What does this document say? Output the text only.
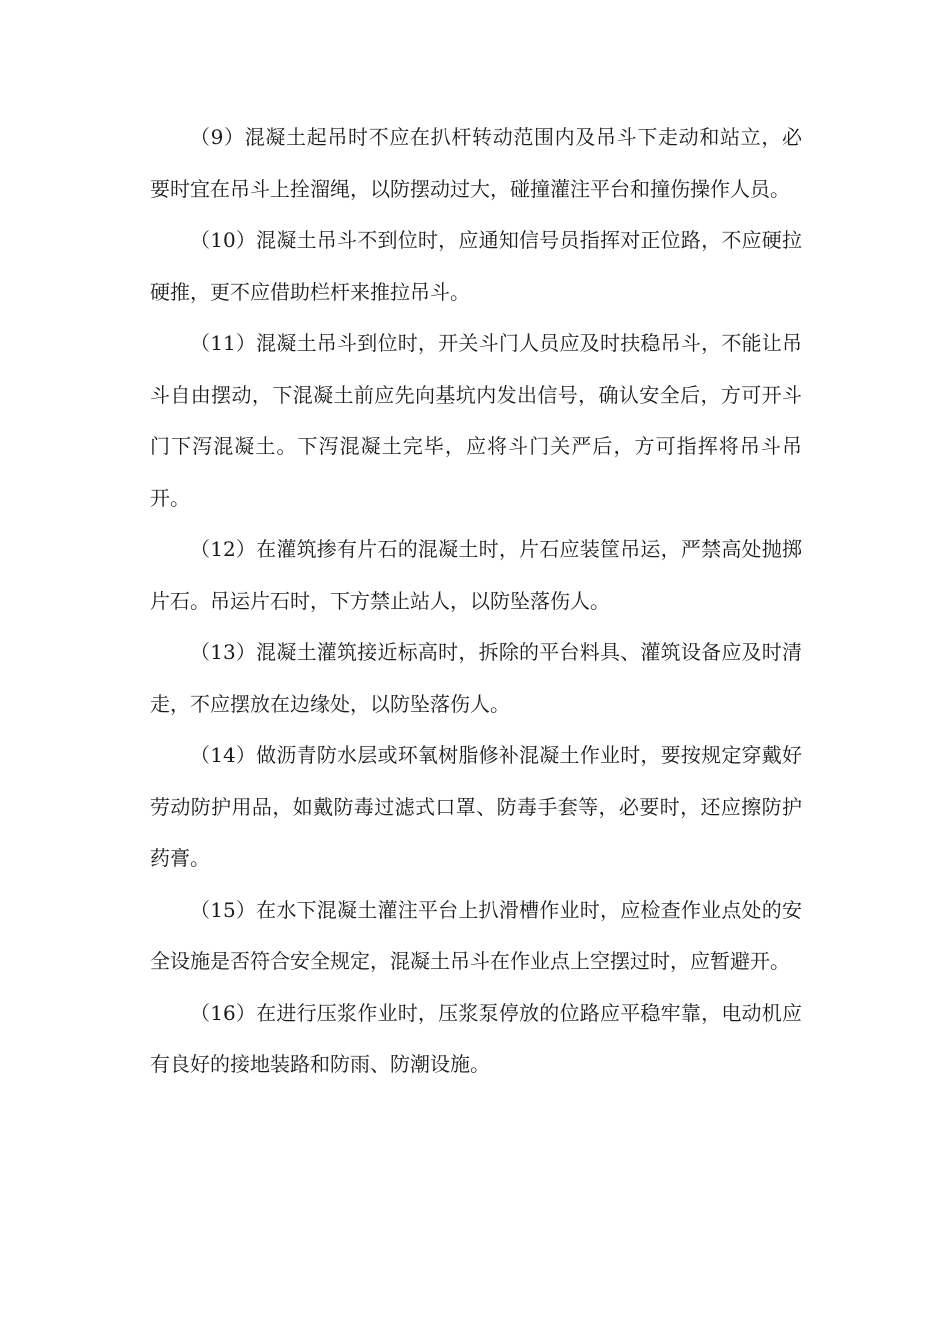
（9）混凝土起吊时不应在扒杆转动范围内及吊斗下走动和站立，必要时宜在吊斗上拴溜绳，以防摆动过大，碰撞灌注平台和撞伤操作人员。

（10）混凝土吊斗不到位时，应通知信号员指挥对正位路，不应硬拉硬推，更不应借助栏杆来推拉吊斗。

（11）混凝土吊斗到位时，开关斗门人员应及时扶稳吊斗，不能让吊斗自由摆动，下混凝土前应先向基坑内发出信号，确认安全后，方可开斗门下泻混凝土。下泻混凝土完毕，应将斗门关严后，方可指挥将吊斗吊开。

（12）在灌筑掺有片石的混凝土时，片石应装筐吊运，严禁高处抛掷片石。吊运片石时，下方禁止站人，以防坠落伤人。

（13）混凝土灌筑接近标高时，拆除的平台料具、灌筑设备应及时清走，不应摆放在边缘处，以防坠落伤人。

（14）做沥青防水层或环氧树脂修补混凝土作业时，要按规定穿戴好劳动防护用品，如戴防毒过滤式口罩、防毒手套等，必要时，还应擦防护药膏。

（15）在水下混凝土灌注平台上扒滑槽作业时，应检查作业点处的安全设施是否符合安全规定，混凝土吊斗在作业点上空摆过时，应暂避开。

（16）在进行压浆作业时，压浆泵停放的位路应平稳牢靠，电动机应有良好的接地装路和防雨、防潮设施。
